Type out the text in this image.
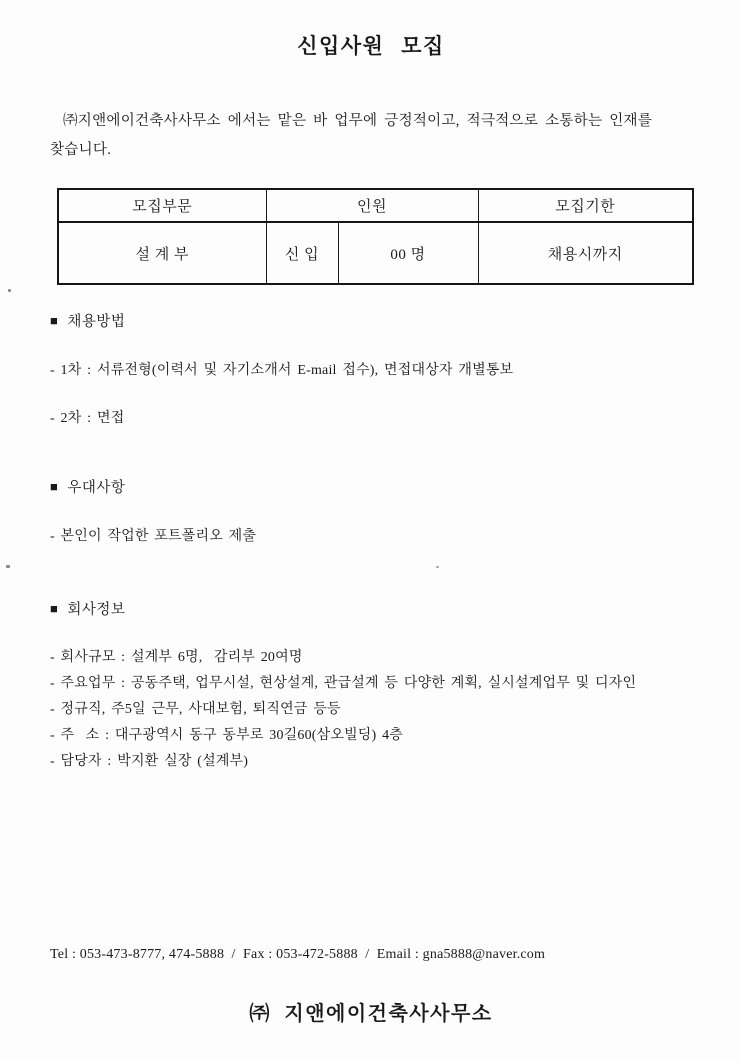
신입사원 모집

㈜지앤에이건축사사무소 에서는 맡은 바 업무에 긍정적이고, 적극적으로 소통하는 인재를
찾습니다.

모집부문	인원		모집기한
설 계 부	신 입	00 명	채용시까지
■ 채용방법
- 1차 : 서류전형(이력서 및 자기소개서 E-mail 접수), 면접대상자 개별통보
- 2차 : 면접
■ 우대사항
- 본인이 작업한 포트폴리오 제출
■ 회사정보
- 회사규모 : 설계부 6명,  감리부 20여명
- 주요업무 : 공동주택, 업무시설, 현상설계, 관급설계 등 다양한 계획, 실시설계업무 및 디자인
- 정규직, 주5일 근무, 사대보험, 퇴직연금 등등
- 주  소 : 대구광역시 동구 동부로 30길60(삼오빌딩) 4층
- 담당자 : 박지환 실장 (설계부)
Tel : 053-473-8777, 474-5888  /  Fax : 053-472-5888  /  Email : gna5888@naver.com
㈜ 지앤에이건축사사무소
